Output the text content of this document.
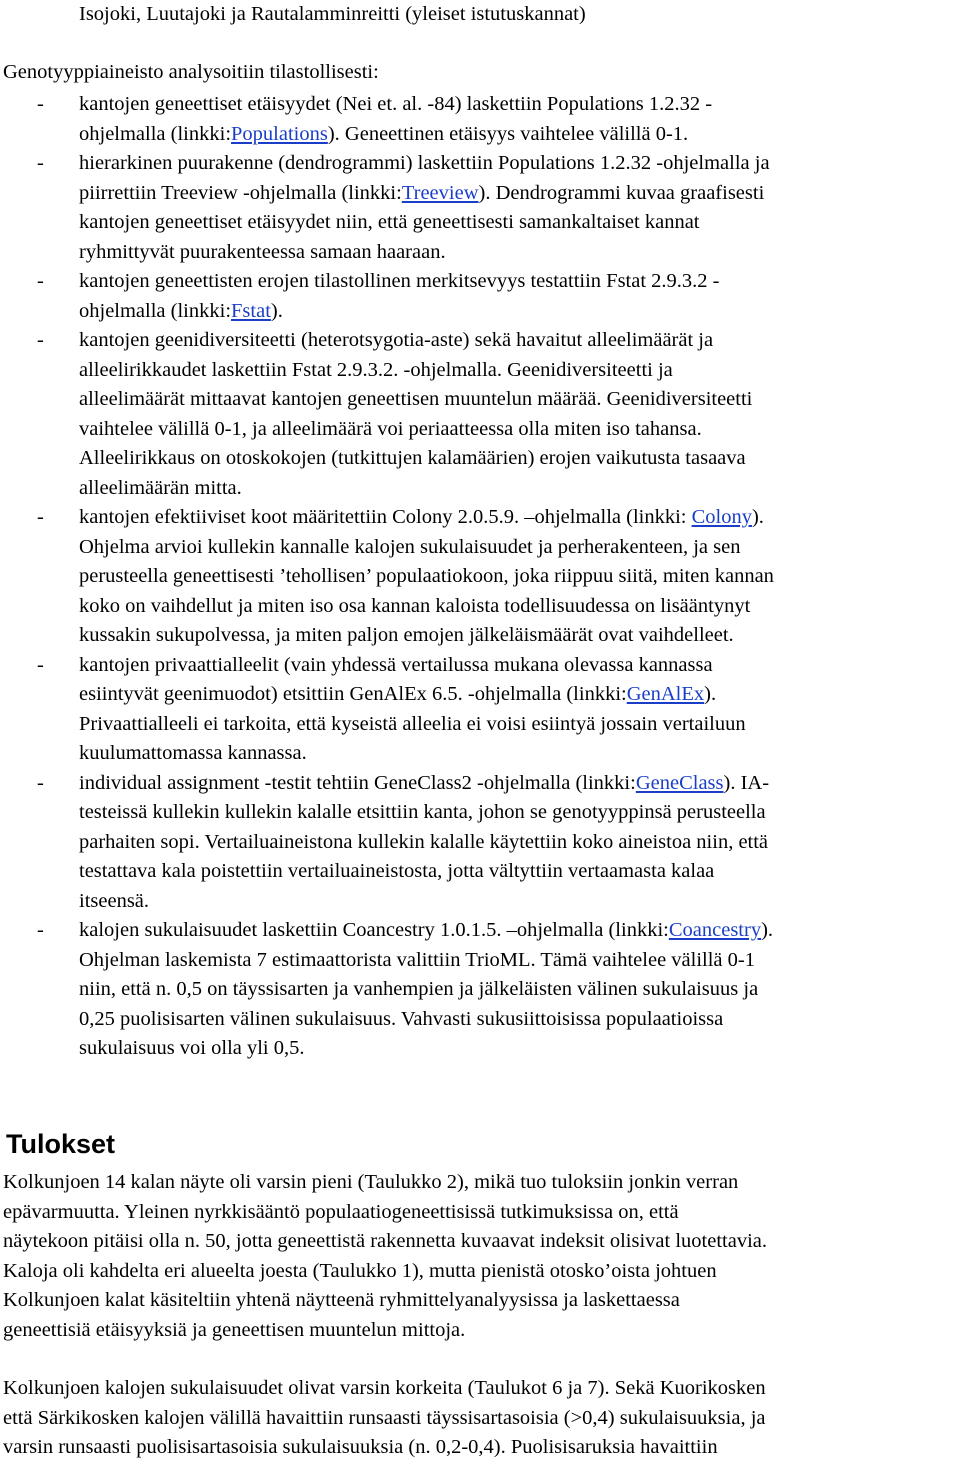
Isojoki, Luutajoki ja Rautalamminreitti (yleiset istutuskannat)
Genotyyppiaineisto analysoitiin tilastollisesti:
- kantojen geneettiset etäisyydet (Nei et. al. -84) laskettiin Populations 1.2.32 -
ohjelmalla (linkki:Populations). Geneettinen etäisyys vaihtelee välillä 0-1.
- hierarkinen puurakenne (dendrogrammi) laskettiin Populations 1.2.32 -ohjelmalla ja
piirrettiin Treeview -ohjelmalla (linkki:Treeview). Dendrogrammi kuvaa graafisesti
kantojen geneettiset etäisyydet niin, että geneettisesti samankaltaiset kannat
ryhmittyvät puurakenteessa samaan haaraan.
- kantojen geneettisten erojen tilastollinen merkitsevyys testattiin Fstat 2.9.3.2 -
ohjelmalla (linkki:Fstat).
- kantojen geenidiversiteetti (heterotsygotia-aste) sekä havaitut alleelimäärät ja
alleelirikkaudet laskettiin Fstat 2.9.3.2. -ohjelmalla. Geenidiversiteetti ja
alleelimäärät mittaavat kantojen geneettisen muuntelun määrää. Geenidiversiteetti
vaihtelee välillä 0-1, ja alleelimäärä voi periaatteessa olla miten iso tahansa.
Alleelirikkaus on otoskokojen (tutkittujen kalamäärien) erojen vaikutusta tasaava
alleelimäärän mitta.
- kantojen efektiiviset koot määritettiin Colony 2.0.5.9. –ohjelmalla (linkki: Colony).
Ohjelma arvioi kullekin kannalle kalojen sukulaisuudet ja perherakenteen, ja sen
perusteella geneettisesti ’tehollisen’ populaatiokoon, joka riippuu siitä, miten kannan
koko on vaihdellut ja miten iso osa kannan kaloista todellisuudessa on lisääntynyt
kussakin sukupolvessa, ja miten paljon emojen jälkeläismäärät ovat vaihdelleet.
- kantojen privaattialleelit (vain yhdessä vertailussa mukana olevassa kannassa
esiintyvät geenimuodot) etsittiin GenAlEx 6.5. -ohjelmalla (linkki:GenAlEx).
Privaattialleeli ei tarkoita, että kyseistä alleelia ei voisi esiintyä jossain vertailuun
kuulumattomassa kannassa.
- individual assignment -testit tehtiin GeneClass2 -ohjelmalla (linkki:GeneClass). IA-
testeissä kullekin kullekin kalalle etsittiin kanta, johon se genotyyppinsä perusteella
parhaiten sopi. Vertailuaineistona kullekin kalalle käytettiin koko aineistoa niin, että
testattava kala poistettiin vertailuaineistosta, jotta vältyttiin vertaamasta kalaa
itseensä.
- kalojen sukulaisuudet laskettiin Coancestry 1.0.1.5. –ohjelmalla (linkki:Coancestry).
Ohjelman laskemista 7 estimaattorista valittiin TrioML. Tämä vaihtelee välillä 0-1
niin, että n. 0,5 on täyssisarten ja vanhempien ja jälkeläisten välinen sukulaisuus ja
0,25 puolisisarten välinen sukulaisuus. Vahvasti sukusiittoisissa populaatioissa
sukulaisuus voi olla yli 0,5.
Tulokset
Kolkunjoen 14 kalan näyte oli varsin pieni (Taulukko 2), mikä tuo tuloksiin jonkin verran
epävarmuutta. Yleinen nyrkkisääntö populaatiogeneettisissä tutkimuksissa on, että
näytekoon pitäisi olla n. 50, jotta geneettistä rakennetta kuvaavat indeksit olisivat luotettavia.
Kaloja oli kahdelta eri alueelta joesta (Taulukko 1), mutta pienistä otosko’oista johtuen
Kolkunjoen kalat käsiteltiin yhtenä näytteenä ryhmittelyanalyysissa ja laskettaessa
geneettisiä etäisyyksiä ja geneettisen muuntelun mittoja.
Kolkunjoen kalojen sukulaisuudet olivat varsin korkeita (Taulukot 6 ja 7). Sekä Kuorikosken
että Särkikosken kalojen välillä havaittiin runsaasti täyssisartasoisia (>0,4) sukulaisuuksia, ja
varsin runsaasti puolisisartasoisia sukulaisuuksia (n. 0,2-0,4). Puolisisaruksia havaittiin
